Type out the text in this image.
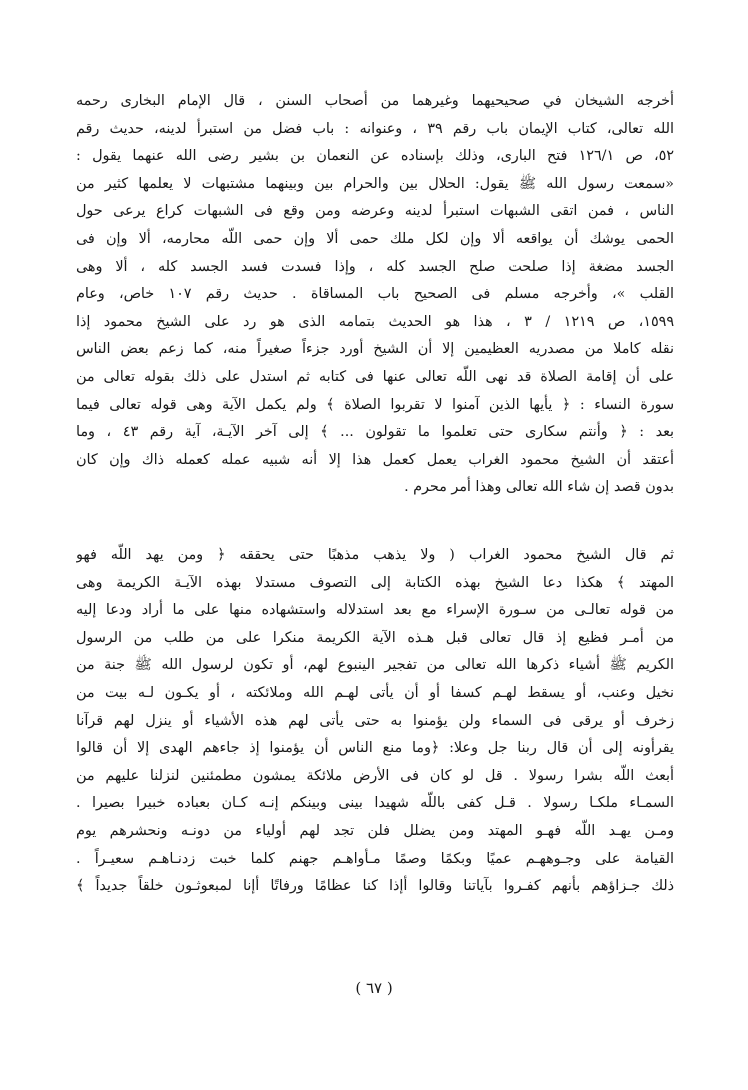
أخرجه الشيخان في صحيحيهما وغيرهما من أصحاب السنن ، قال الإمام البخارى رحمه
الله تعالى، كتاب الإيمان باب رقم ٣٩ ، وعنوانه : باب فضل من استبرأ لدينه، حديث رقم
٥٢، ص ١٢٦/١ فتح البارى، وذلك بإسناده عن النعمان بن بشير رضى الله عنهما يقول :
«سمعت رسول الله ﷺ يقول: الحلال بين والحرام بين وبينهما مشتبهات لا يعلمها كثير من
الناس ، فمن اتقى الشبهات استبرأ لدينه وعرضه ومن وقع فى الشبهات كراع يرعى حول
الحمى يوشك أن يواقعه ألا وإن لكل ملك حمى ألا وإن حمى اللّه محارمه، ألا وإن فى
الجسد مضغة إذا صلحت صلح الجسد كله ، وإذا فسدت فسد الجسد كله ، ألا وهى
القلب »، وأخرجه مسلم فى الصحيح باب المساقاة . حديث رقم ١٠٧ خاص، وعام
١٥٩٩، ص ١٢١٩ / ٣ ، هذا هو الحديث بتمامه الذى هو رد على الشيخ محمود إذا
نقله كاملا من مصدريه العظيمين إلا أن الشيخ أورد جزءاً صغيراً منه، كما زعم بعض الناس
على أن إقامة الصلاة قد نهى اللّه تعالى عنها فى كتابه ثم استدل على ذلك بقوله تعالى من
سورة النساء : ﴿ يأيها الذين آمنوا لا تقربوا الصلاة ﴾ ولم يكمل الآية وهى قوله تعالى فيما
بعد : ﴿ وأنتم سكارى حتى تعلموا ما تقولون ... ﴾ إلى آخر الآيـة، آية رقم ٤٣ ، وما
أعتقد أن الشيخ محمود الغراب يعمل كعمل هذا إلا أنه شبيه عمله كعمله ذاك وإن كان
بدون قصد إن شاء الله تعالى وهذا أمر محرم .
ثم قال الشيخ محمود الغراب ( ولا يذهب مذهبًا حتى يحققه ﴿ ومن يهد اللّه فهو
المهتد ﴾ هكذا دعا الشيخ بهذه الكتابة إلى التصوف مستدلا بهذه الآيـة الكريمة وهى
من قوله تعالـى من سـورة الإسراء مع بعد استدلاله واستشهاده منها على ما أراد ودعا إليه
من أمـر فظيع إذ قال تعالى قبل هـذه الآية الكريمة منكرا على من طلب من الرسول
الكريم ﷺ أشياء ذكرها الله تعالى من تفجير الينبوع لهم، أو تكون لرسول الله ﷺ جنة من
نخيل وعنب، أو يسقط لهـم كسفا أو أن يأتى لهـم الله وملائكته ، أو يكـون لـه بيت من
زخرف أو يرقى فى السماء ولن يؤمنوا به حتى يأتى لهم هذه الأشياء أو ينزل لهم قرآنا
يقرأونه إلى أن قال ربنا جل وعلا: ﴿وما منع الناس أن يؤمنوا إذ جاءهم الهدى إلا أن قالوا
أبعث اللّه بشرا رسولا . قل لو كان فى الأرض ملائكة يمشون مطمئنين لنزلنا عليهم من
السمـاء ملكـا رسولا . قـل كفى باللّه شهيدا بينى وبينكم إنـه كـان بعباده خبيرا بصيرا .
ومـن يهـد اللّه فهـو المهتد ومن يضلل فلن تجد لهم أولياء من دونـه ونحشرهم يوم
القيامة على وجـوههـم عميًا وبكمًا وصمًا مـأواهـم جهنم كلما خبت زدنـاهـم سعيـراً .
ذلك جـزاؤهم بأنهم كفـروا بآياتنا وقالوا أإذا كنا عظامًا ورفاتًا أإنا لمبعوثـون خلقاً جديداً ﴾
( ٦٧ )
